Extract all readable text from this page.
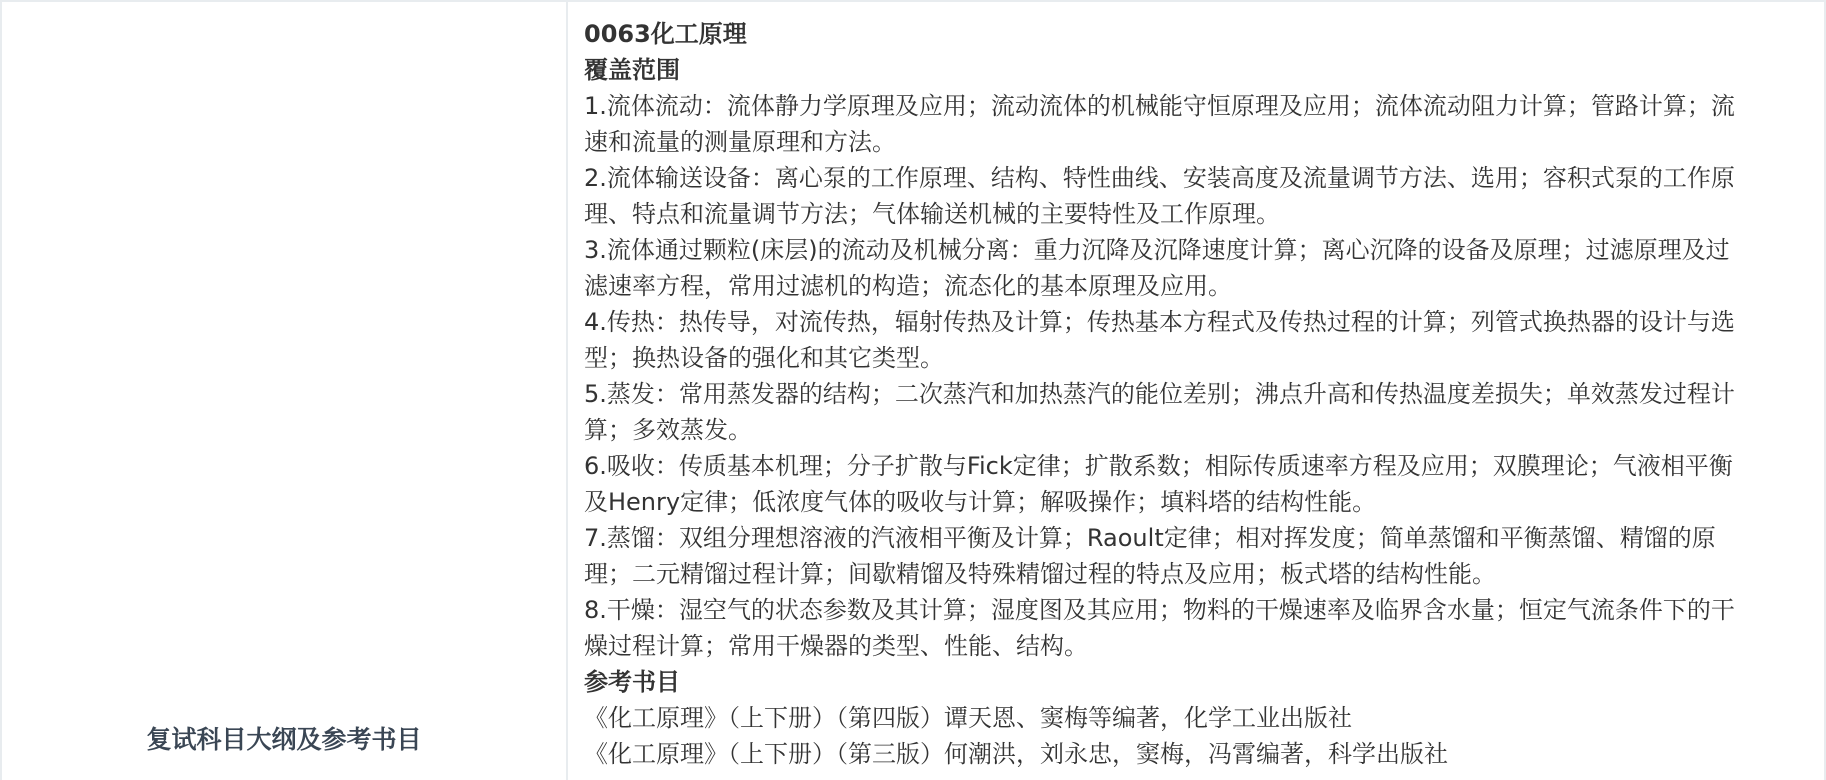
复试科目大纲及参考书目
0063化工原理
覆盖范围
1.流体流动：流体静力学原理及应用；流动流体的机械能守恒原理及应用；流体流动阻力计算；管路计算；流
速和流量的测量原理和方法。
2.流体输送设备：离心泵的工作原理、结构、特性曲线、安装高度及流量调节方法、选用；容积式泵的工作原
理、特点和流量调节方法；气体输送机械的主要特性及工作原理。
3.流体通过颗粒(床层)的流动及机械分离：重力沉降及沉降速度计算；离心沉降的设备及原理；过滤原理及过
滤速率方程，常用过滤机的构造；流态化的基本原理及应用。
4.传热：热传导，对流传热，辐射传热及计算；传热基本方程式及传热过程的计算；列管式换热器的设计与选
型；换热设备的强化和其它类型。
5.蒸发：常用蒸发器的结构；二次蒸汽和加热蒸汽的能位差别；沸点升高和传热温度差损失；单效蒸发过程计
算；多效蒸发。
6.吸收：传质基本机理；分子扩散与Fick定律；扩散系数；相际传质速率方程及应用；双膜理论；气液相平衡
及Henry定律；低浓度气体的吸收与计算；解吸操作；填料塔的结构性能。
7.蒸馏：双组分理想溶液的汽液相平衡及计算；Raoult定律；相对挥发度；简单蒸馏和平衡蒸馏、精馏的原
理；二元精馏过程计算；间歇精馏及特殊精馏过程的特点及应用；板式塔的结构性能。
8.干燥：湿空气的状态参数及其计算；湿度图及其应用；物料的干燥速率及临界含水量；恒定气流条件下的干
燥过程计算；常用干燥器的类型、性能、结构。
参考书目
《化工原理》（上下册）（第四版）谭天恩、窦梅等编著，化学工业出版社
《化工原理》（上下册）（第三版）何潮洪，刘永忠，窦梅，冯霄编著，科学出版社
